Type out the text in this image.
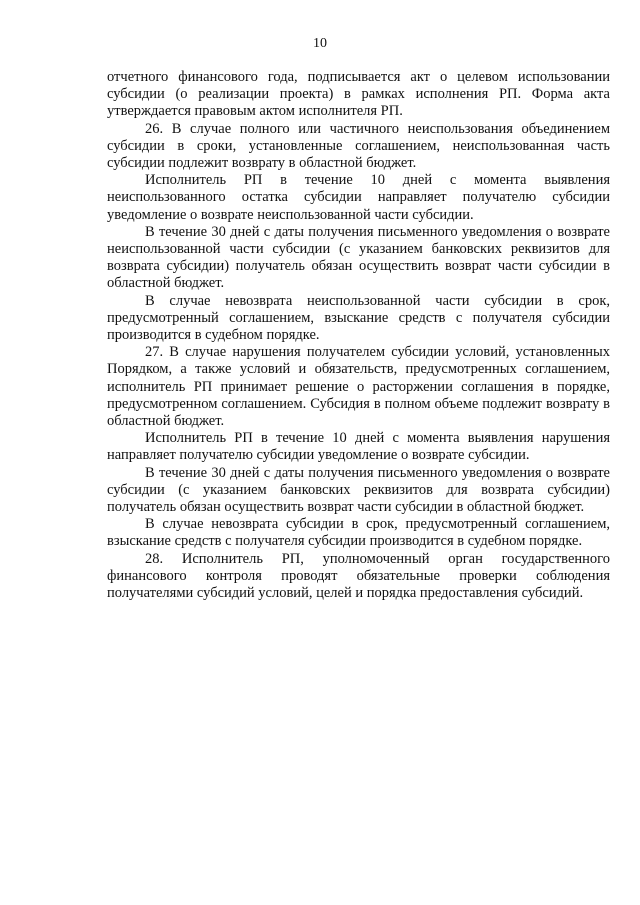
10

отчетного финансового года, подписывается акт о целевом использовании субсидии (о реализации проекта) в рамках исполнения РП. Форма акта утверждается правовым актом исполнителя РП.

26. В случае полного или частичного неиспользования объединением субсидии в сроки, установленные соглашением, неиспользованная часть субсидии подлежит возврату в областной бюджет.

Исполнитель РП в течение 10 дней с момента выявления неиспользованного остатка субсидии направляет получателю субсидии уведомление о возврате неиспользованной части субсидии.

В течение 30 дней с даты получения письменного уведомления о возврате неиспользованной части субсидии (с указанием банковских реквизитов для возврата субсидии) получатель обязан осуществить возврат части субсидии в областной бюджет.

В случае невозврата неиспользованной части субсидии в срок, предусмотренный соглашением, взыскание средств с получателя субсидии производится в судебном порядке.

27. В случае нарушения получателем субсидии условий, установленных Порядком, а также условий и обязательств, предусмотренных соглашением, исполнитель РП принимает решение о расторжении соглашения в порядке, предусмотренном соглашением. Субсидия в полном объеме подлежит возврату в областной бюджет.

Исполнитель РП в течение 10 дней с момента выявления нарушения направляет получателю субсидии уведомление о возврате субсидии.

В течение 30 дней с даты получения письменного уведомления о возврате субсидии (с указанием банковских реквизитов для возврата субсидии) получатель обязан осуществить возврат части субсидии в областной бюджет.

В случае невозврата субсидии в срок, предусмотренный соглашением, взыскание средств с получателя субсидии производится в судебном порядке.

28. Исполнитель РП, уполномоченный орган государственного финансового контроля проводят обязательные проверки соблюдения получателями субсидий условий, целей и порядка предоставления субсидий.
